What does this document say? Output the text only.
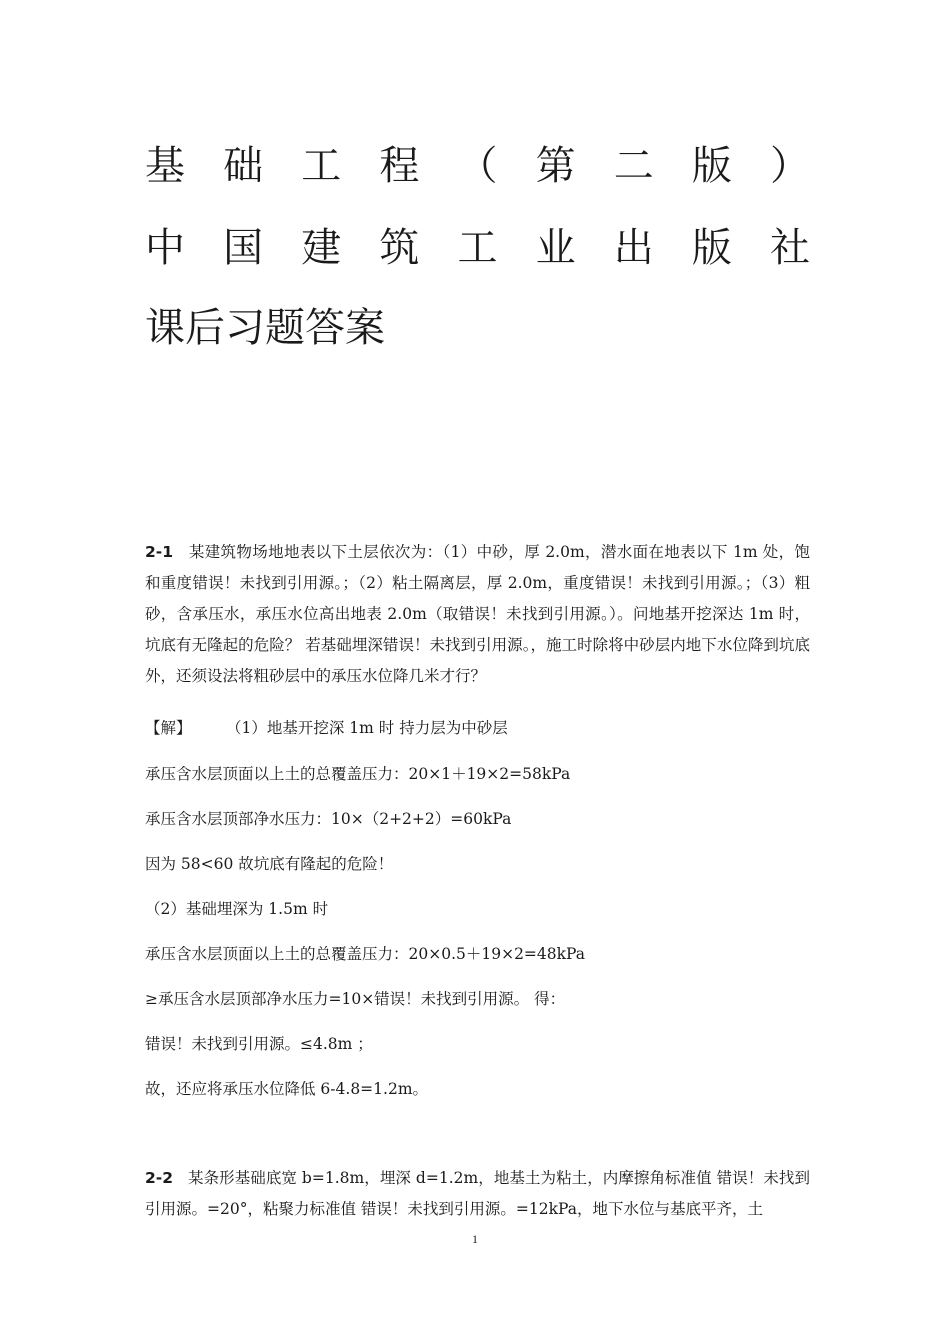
基 础 工 程 （ 第 二 版 ）
中 国 建 筑 工 业 出 版 社
课后习题答案
2-1 某建筑物场地地表以下土层依次为：（1）中砂，厚 2.0m，潜水面在地表以下 1m 处，饱和重度错误！未找到引用源。；（2）粘土隔离层，厚 2.0m，重度错误！未找到引用源。；（3）粗砂，含承压水，承压水位高出地表 2.0m（取错误！未找到引用源。）。问地基开挖深达 1m 时，坑底有无隆起的危险？ 若基础埋深错误！未找到引用源。，施工时除将中砂层内地下水位降到坑底外，还须设法将粗砂层中的承压水位降几米才行？
【解】 （1）地基开挖深 1m 时 持力层为中砂层
承压含水层顶面以上土的总覆盖压力：20×1＋19×2=58kPa
承压含水层顶部净水压力：10×（2+2+2）=60kPa
因为 58<60 故坑底有隆起的危险！
（2）基础埋深为 1.5m 时
承压含水层顶面以上土的总覆盖压力：20×0.5＋19×2=48kPa
≥承压含水层顶部净水压力=10×错误！未找到引用源。 得：
错误！未找到引用源。≤4.8m ；
故，还应将承压水位降低 6-4.8=1.2m。
2-2 某条形基础底宽 b=1.8m，埋深 d=1.2m，地基土为粘土，内摩擦角标准值 错误！未找到引用源。=20°，粘聚力标准值 错误！未找到引用源。=12kPa，地下水位与基底平齐，土
1
